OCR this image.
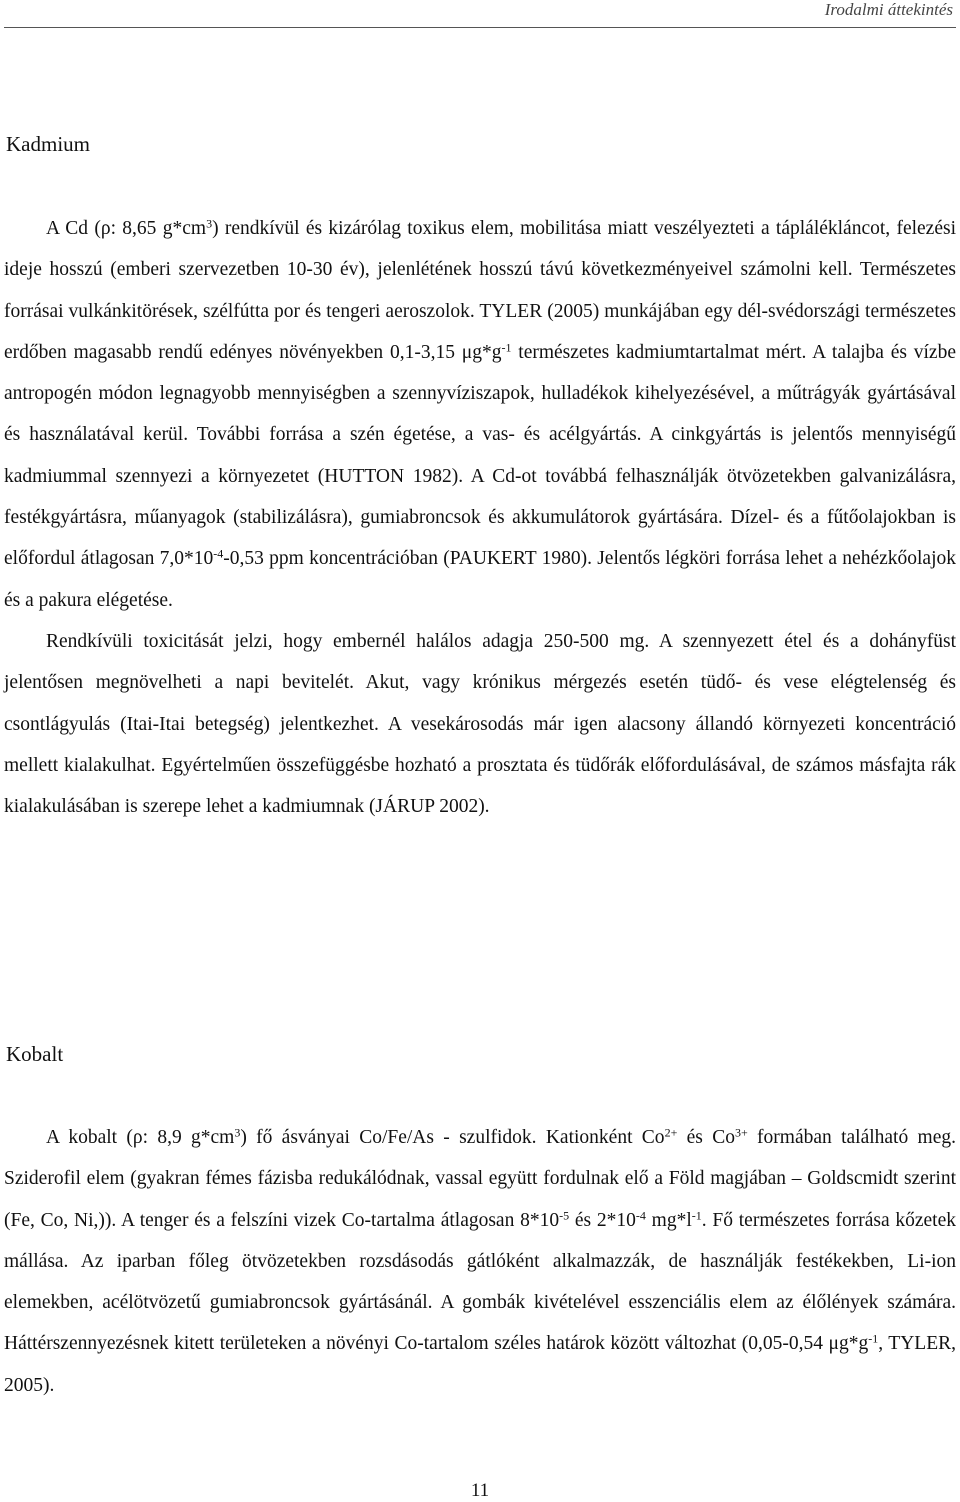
Irodalmi áttekintés
Kadmium

A Cd (ρ: 8,65 $g*cm^3$) rendkívül és kizárólag toxikus elem, mobilitása miatt veszélyezteti a táplálékláncot, felezési ideje hosszú (emberi szervezetben 10-30 év), jelenlétének hosszú távú következményeivel számolni kell. Természetes forrásai vulkánkitörések, szélfútta por és tengeri aeroszolok. TYLER (2005) munkájában egy dél-svédországi természetes erdőben magasabb rendű edényes növényekben 0,1-3,15 $\mu g*g^{-1}$ természetes kadmiumtartalmat mért. A talajba és vízbe antropogén módon legnagyobb mennyiségben a szennyvíziszapok, hulladékok kihelyezésével, a műtrágyák gyártásával és használatával kerül. További forrása a szén égetése, a vas- és acélgyártás. A cinkgyártás is jelentős mennyiségű kadmiummal szennyezi a környezetet (HUTTON 1982). A Cd-ot továbbá felhasználják ötvözetekben galvanizálásra, festékgyártásra, műanyagok (stabilizálásra), gumiabroncsok és akkumulátorok gyártására. Dízel- és a fűtőolajokban is előfordul átlagosan $7,0*10^{-4}-0,53$ ppm koncentrációban (PAUKERT 1980). Jelentős légköri forrása lehet a nehézkőolajok és a pakura elégetése.

Rendkívüli toxicitását jelzi, hogy embernél halálos adagja 250-500 mg. A szennyezett étel és a dohányfüst jelentősen megnövelheti a napi bevitelét. Akut, vagy krónikus mérgezés esetén tüdő- és vese elégtelenség és csontlágyulás (Itai-Itai betegség) jelentkezhet. A vesekárosodás már igen alacsony állandó környezeti koncentráció mellett kialakulhat. Egyértelműen összefüggésbe hozható a prosztata és tüdőrák előfordulásával, de számos másfajta rák kialakulásában is szerepe lehet a kadmiumnak (JÁRUP 2002).

Kobalt

A kobalt (ρ: 8,9 $g*cm^3$) fő ásványai Co/Fe/As - szulfidok. Kationként $Co^{2+}$ és $Co^{3+}$ formában található meg. Sziderofil elem (gyakran fémes fázisba redukálódnak, vassal együtt fordulnak elő a Föld magjában – Goldscmidt szerint (Fe, Co, Ni,)). A tenger és a felszíni vizek Co-tartalma átlagosan $8*10^{-5}$ és $2*10^{-4}$ $mg*l^{-1}$. Fő természetes forrása kőzetek mállása. Az iparban főleg ötvözetekben rozsdásodás gátlóként alkalmazzák, de használják festékekben, Li-ion elemekben, acélötvözetű gumiabroncsok gyártásánál. A gombák kivételével esszenciális elem az élőlények számára. Háttérszennyezésnek kitett területeken a növényi Co-tartalom széles határok között változhat (0,05-0,54 $\mu g*g^{-1}$, TYLER, 2005).

11
